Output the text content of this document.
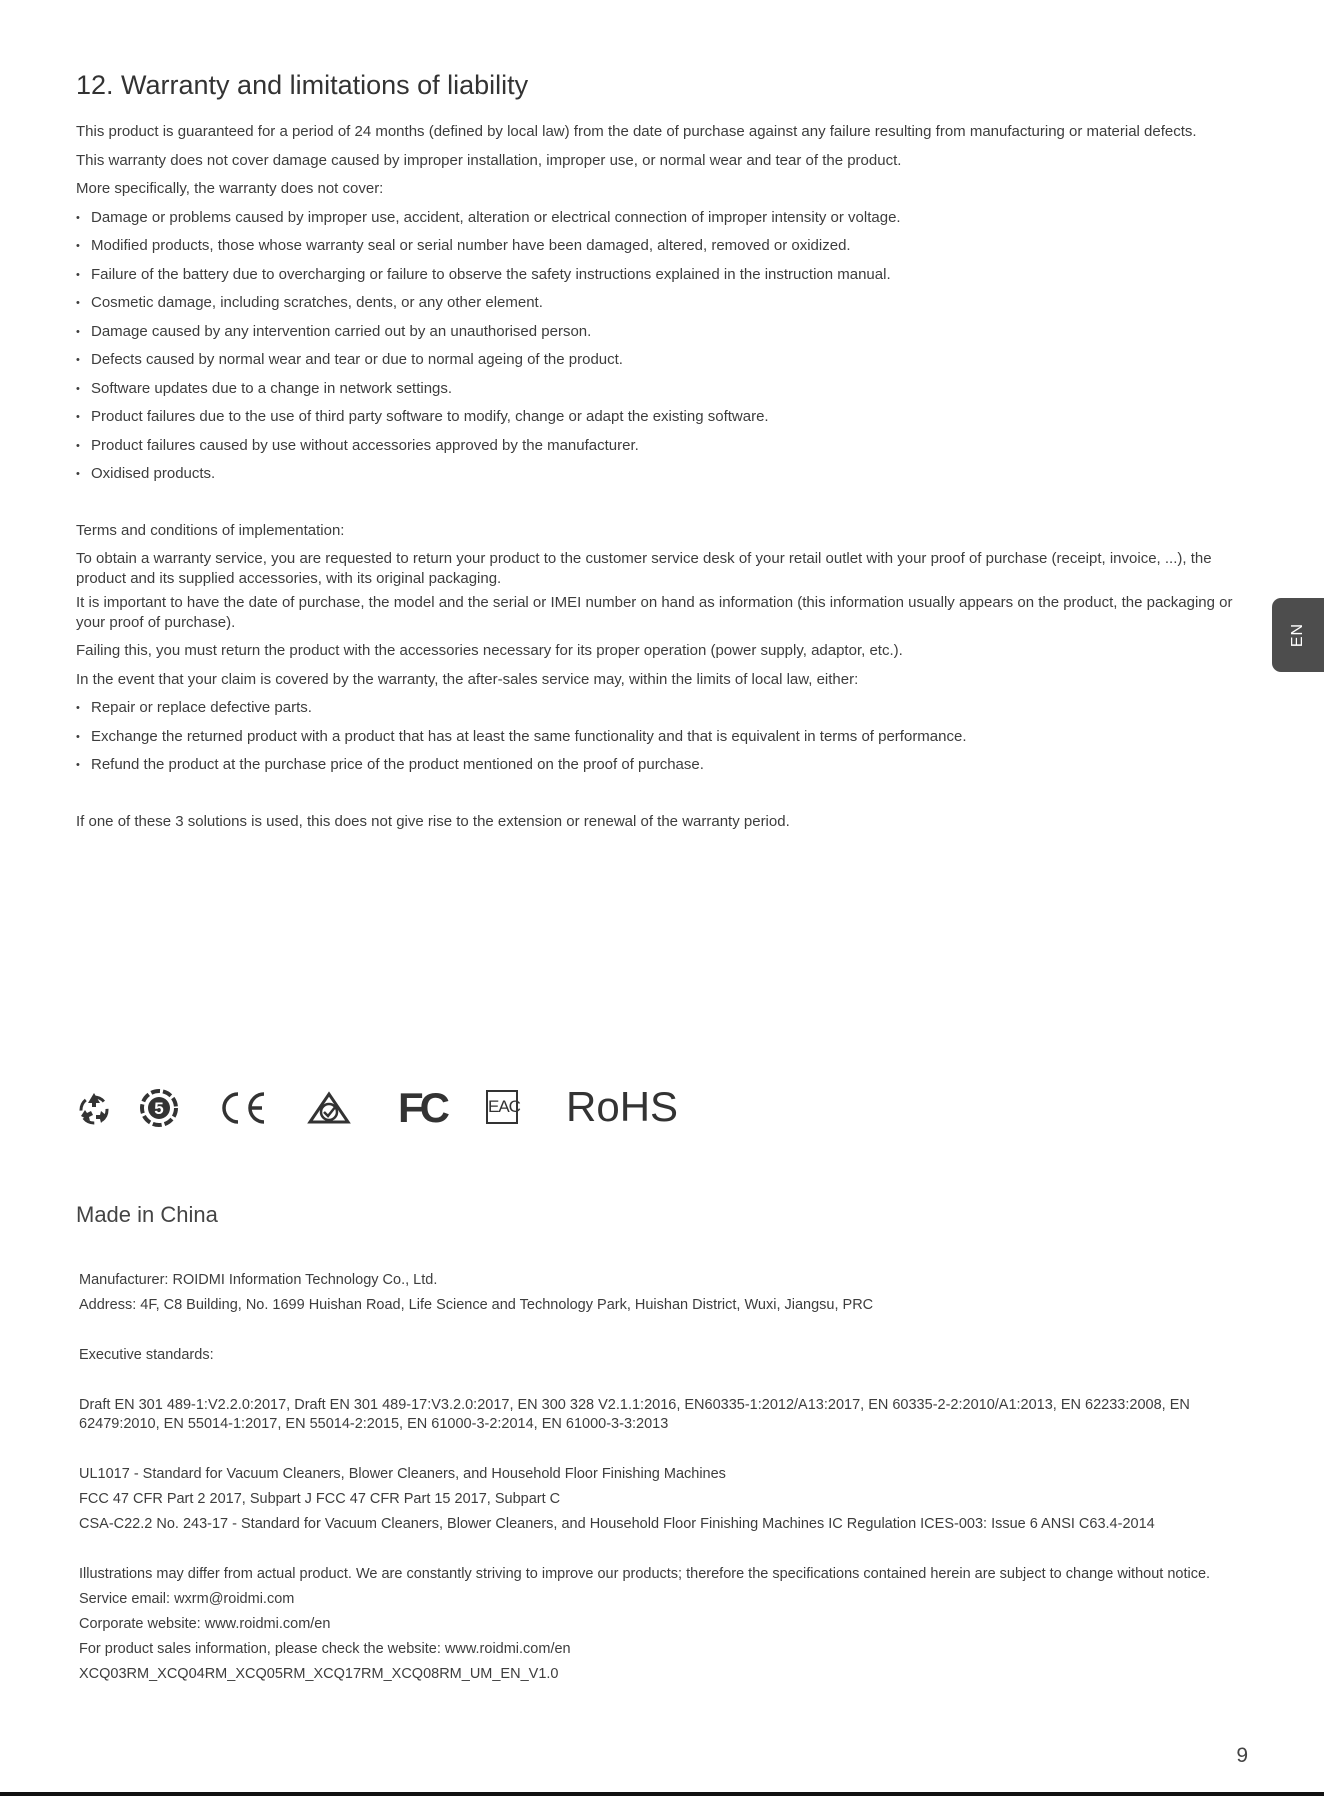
12. Warranty and limitations of liability

This product is guaranteed for a period of 24 months (defined by local law) from the date of purchase against any failure resulting from manufacturing or material defects.

This warranty does not cover damage caused by improper installation, improper use, or normal wear and tear of the product.

More specifically, the warranty does not cover:

• Damage or problems caused by improper use, accident, alteration or electrical connection of improper intensity or voltage.
• Modified products, those whose warranty seal or serial number have been damaged, altered, removed or oxidized.
• Failure of the battery due to overcharging or failure to observe the safety instructions explained in the instruction manual.
• Cosmetic damage, including scratches, dents, or any other element.
• Damage caused by any intervention carried out by an unauthorised person.
• Defects caused by normal wear and tear or due to normal ageing of the product.
• Software updates due to a change in network settings.
• Product failures due to the use of third party software to modify, change or adapt the existing software.
• Product failures caused by use without accessories approved by the manufacturer.
• Oxidised products.

Terms and conditions of implementation:

To obtain a warranty service, you are requested to return your product to the customer service desk of your retail outlet with your proof of purchase (receipt, invoice, ...), the product and its supplied accessories, with its original packaging.

It is important to have the date of purchase, the model and the serial or IMEI number on hand as information (this information usually appears on the product, the packaging or your proof of purchase).

Failing this, you must return the product with the accessories necessary for its proper operation (power supply, adaptor, etc.).

In the event that your claim is covered by the warranty, the after-sales service may, within the limits of local law, either:

• Repair or replace defective parts.
• Exchange the returned product with a product that has at least the same functionality and that is equivalent in terms of performance.
• Refund the product at the purchase price of the product mentioned on the proof of purchase.

If one of these 3 solutions is used, this does not give rise to the extension or renewal of the warranty period.

EN
5	FC EAC RoHS
Made in China

Manufacturer: ROIDMI Information Technology Co., Ltd.

Address: 4F, C8 Building, No. 1699 Huishan Road, Life Science and Technology Park, Huishan District, Wuxi, Jiangsu, PRC

Executive standards:

Draft EN 301 489-1:V2.2.0:2017, Draft EN 301 489-17:V3.2.0:2017, EN 300 328 V2.1.1:2016, EN60335-1:2012/A13:2017, EN 60335-2-2:2010/A1:2013, EN 62233:2008, EN 62479:2010, EN 55014-1:2017, EN 55014-2:2015, EN 61000-3-2:2014, EN 61000-3-3:2013

UL1017 - Standard for Vacuum Cleaners, Blower Cleaners, and Household Floor Finishing Machines

FCC 47 CFR Part 2 2017, Subpart J FCC 47 CFR Part 15 2017, Subpart C

CSA-C22.2 No. 243-17 - Standard for Vacuum Cleaners, Blower Cleaners, and Household Floor Finishing Machines IC Regulation ICES-003: Issue 6 ANSI C63.4-2014

Illustrations may differ from actual product. We are constantly striving to improve our products; therefore the specifications contained herein are subject to change without notice.

Service email: wxrm@roidmi.com

Corporate website: www.roidmi.com/en

For product sales information, please check the website: www.roidmi.com/en

XCQ03RM_XCQ04RM_XCQ05RM_XCQ17RM_XCQ08RM_UM_EN_V1.0

9
